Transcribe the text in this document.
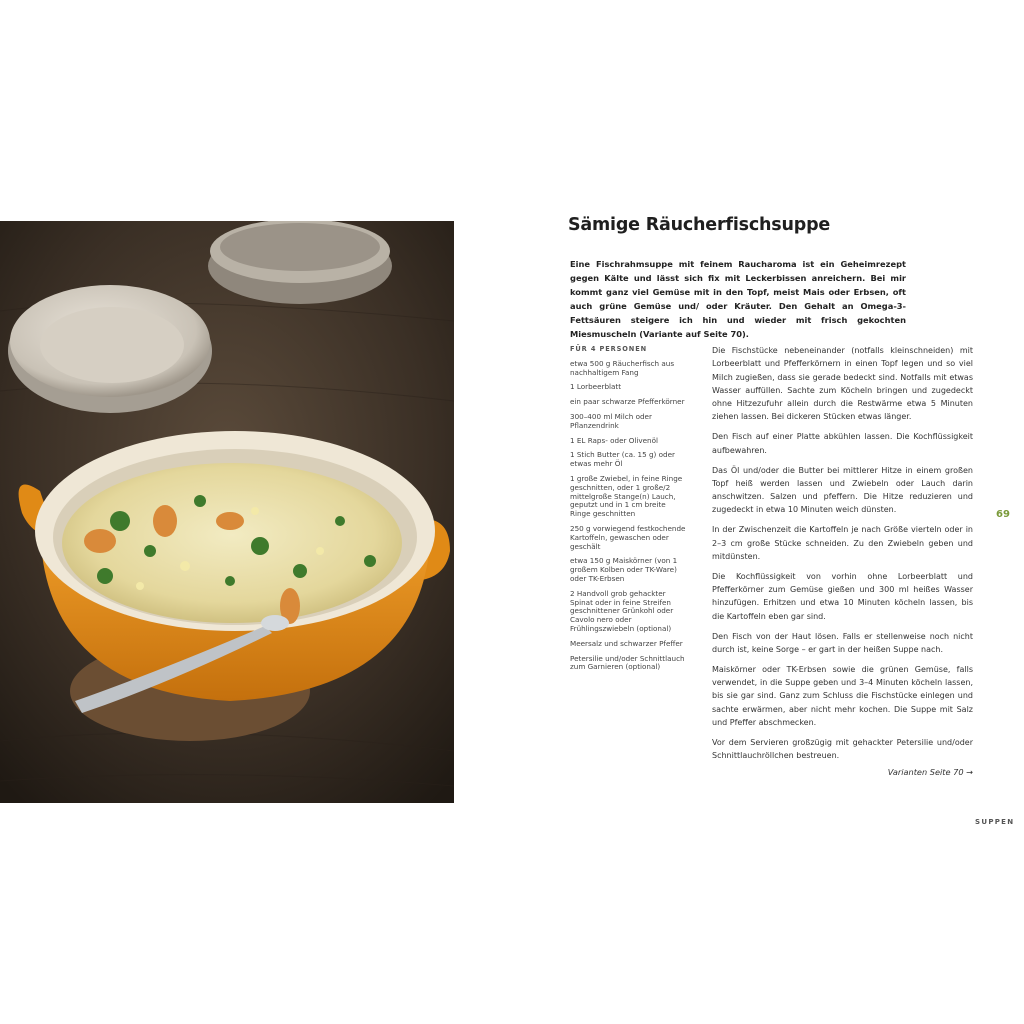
Sämige Räucherfischsuppe

Eine Fischrahmsuppe mit feinem Raucharoma ist ein Geheimrezept gegen Kälte und lässt sich fix mit Leckerbissen anreichern. Bei mir kommt ganz viel Gemüse mit in den Topf, meist Mais oder Erbsen, oft auch grüne Gemüse und/ oder Kräuter. Den Gehalt an Omega-3-Fettsäuren steigere ich hin und wieder mit frisch gekochten Miesmuscheln (Variante auf Seite 70).

FÜR 4 PERSONEN
etwa 500 g Räucherfisch aus nachhaltigem Fang
1 Lorbeerblatt
ein paar schwarze Pfefferkörner
300–400 ml Milch oder Pflanzendrink
1 EL Raps- oder Olivenöl
1 Stich Butter (ca. 15 g) oder etwas mehr Öl
1 große Zwiebel, in feine Ringe geschnitten, oder 1 große/2 mittelgroße Stange(n) Lauch, geputzt und in 1 cm breite Ringe geschnitten
250 g vorwiegend festkochende Kartoffeln, gewaschen oder geschält
etwa 150 g Maiskörner (von 1 großem Kolben oder TK-Ware) oder TK-Erbsen
2 Handvoll grob gehackter Spinat oder in feine Streifen geschnittener Grünkohl oder Cavolo nero oder Frühlingszwiebeln (optional)
Meersalz und schwarzer Pfeffer
Petersilie und/oder Schnittlauch zum Garnieren (optional)

Die Fischstücke nebeneinander (notfalls kleinschneiden) mit Lorbeerblatt und Pfefferkörnern in einen Topf legen und so viel Milch zugießen, dass sie gerade bedeckt sind. Notfalls mit etwas Wasser auffüllen. Sachte zum Köcheln bringen und zugedeckt ohne Hitzezufuhr allein durch die Restwärme etwa 5 Minuten ziehen lassen. Bei dickeren Stücken etwas länger.

Den Fisch auf einer Platte abkühlen lassen. Die Kochflüssigkeit aufbewahren.

Das Öl und/oder die Butter bei mittlerer Hitze in einem großen Topf heiß werden lassen und Zwiebeln oder Lauch darin anschwitzen. Salzen und pfeffern. Die Hitze reduzieren und zugedeckt in etwa 10 Minuten weich dünsten.

In der Zwischenzeit die Kartoffeln je nach Größe vierteln oder in 2–3 cm große Stücke schneiden. Zu den Zwiebeln geben und mitdünsten.

Die Kochflüssigkeit von vorhin ohne Lorbeerblatt und Pfefferkörner zum Gemüse gießen und 300 ml heißes Wasser hinzufügen. Erhitzen und etwa 10 Minuten köcheln lassen, bis die Kartoffeln eben gar sind.

Den Fisch von der Haut lösen. Falls er stellenweise noch nicht durch ist, keine Sorge – er gart in der heißen Suppe nach.

Maiskörner oder TK-Erbsen sowie die grünen Gemüse, falls verwendet, in die Suppe geben und 3–4 Minuten köcheln lassen, bis sie gar sind. Ganz zum Schluss die Fischstücke einlegen und sachte erwärmen, aber nicht mehr kochen. Die Suppe mit Salz und Pfeffer abschmecken.

Vor dem Servieren großzügig mit gehackter Petersilie und/oder Schnittlauchröllchen bestreuen.

Varianten Seite 70 →
69
SUPPEN
